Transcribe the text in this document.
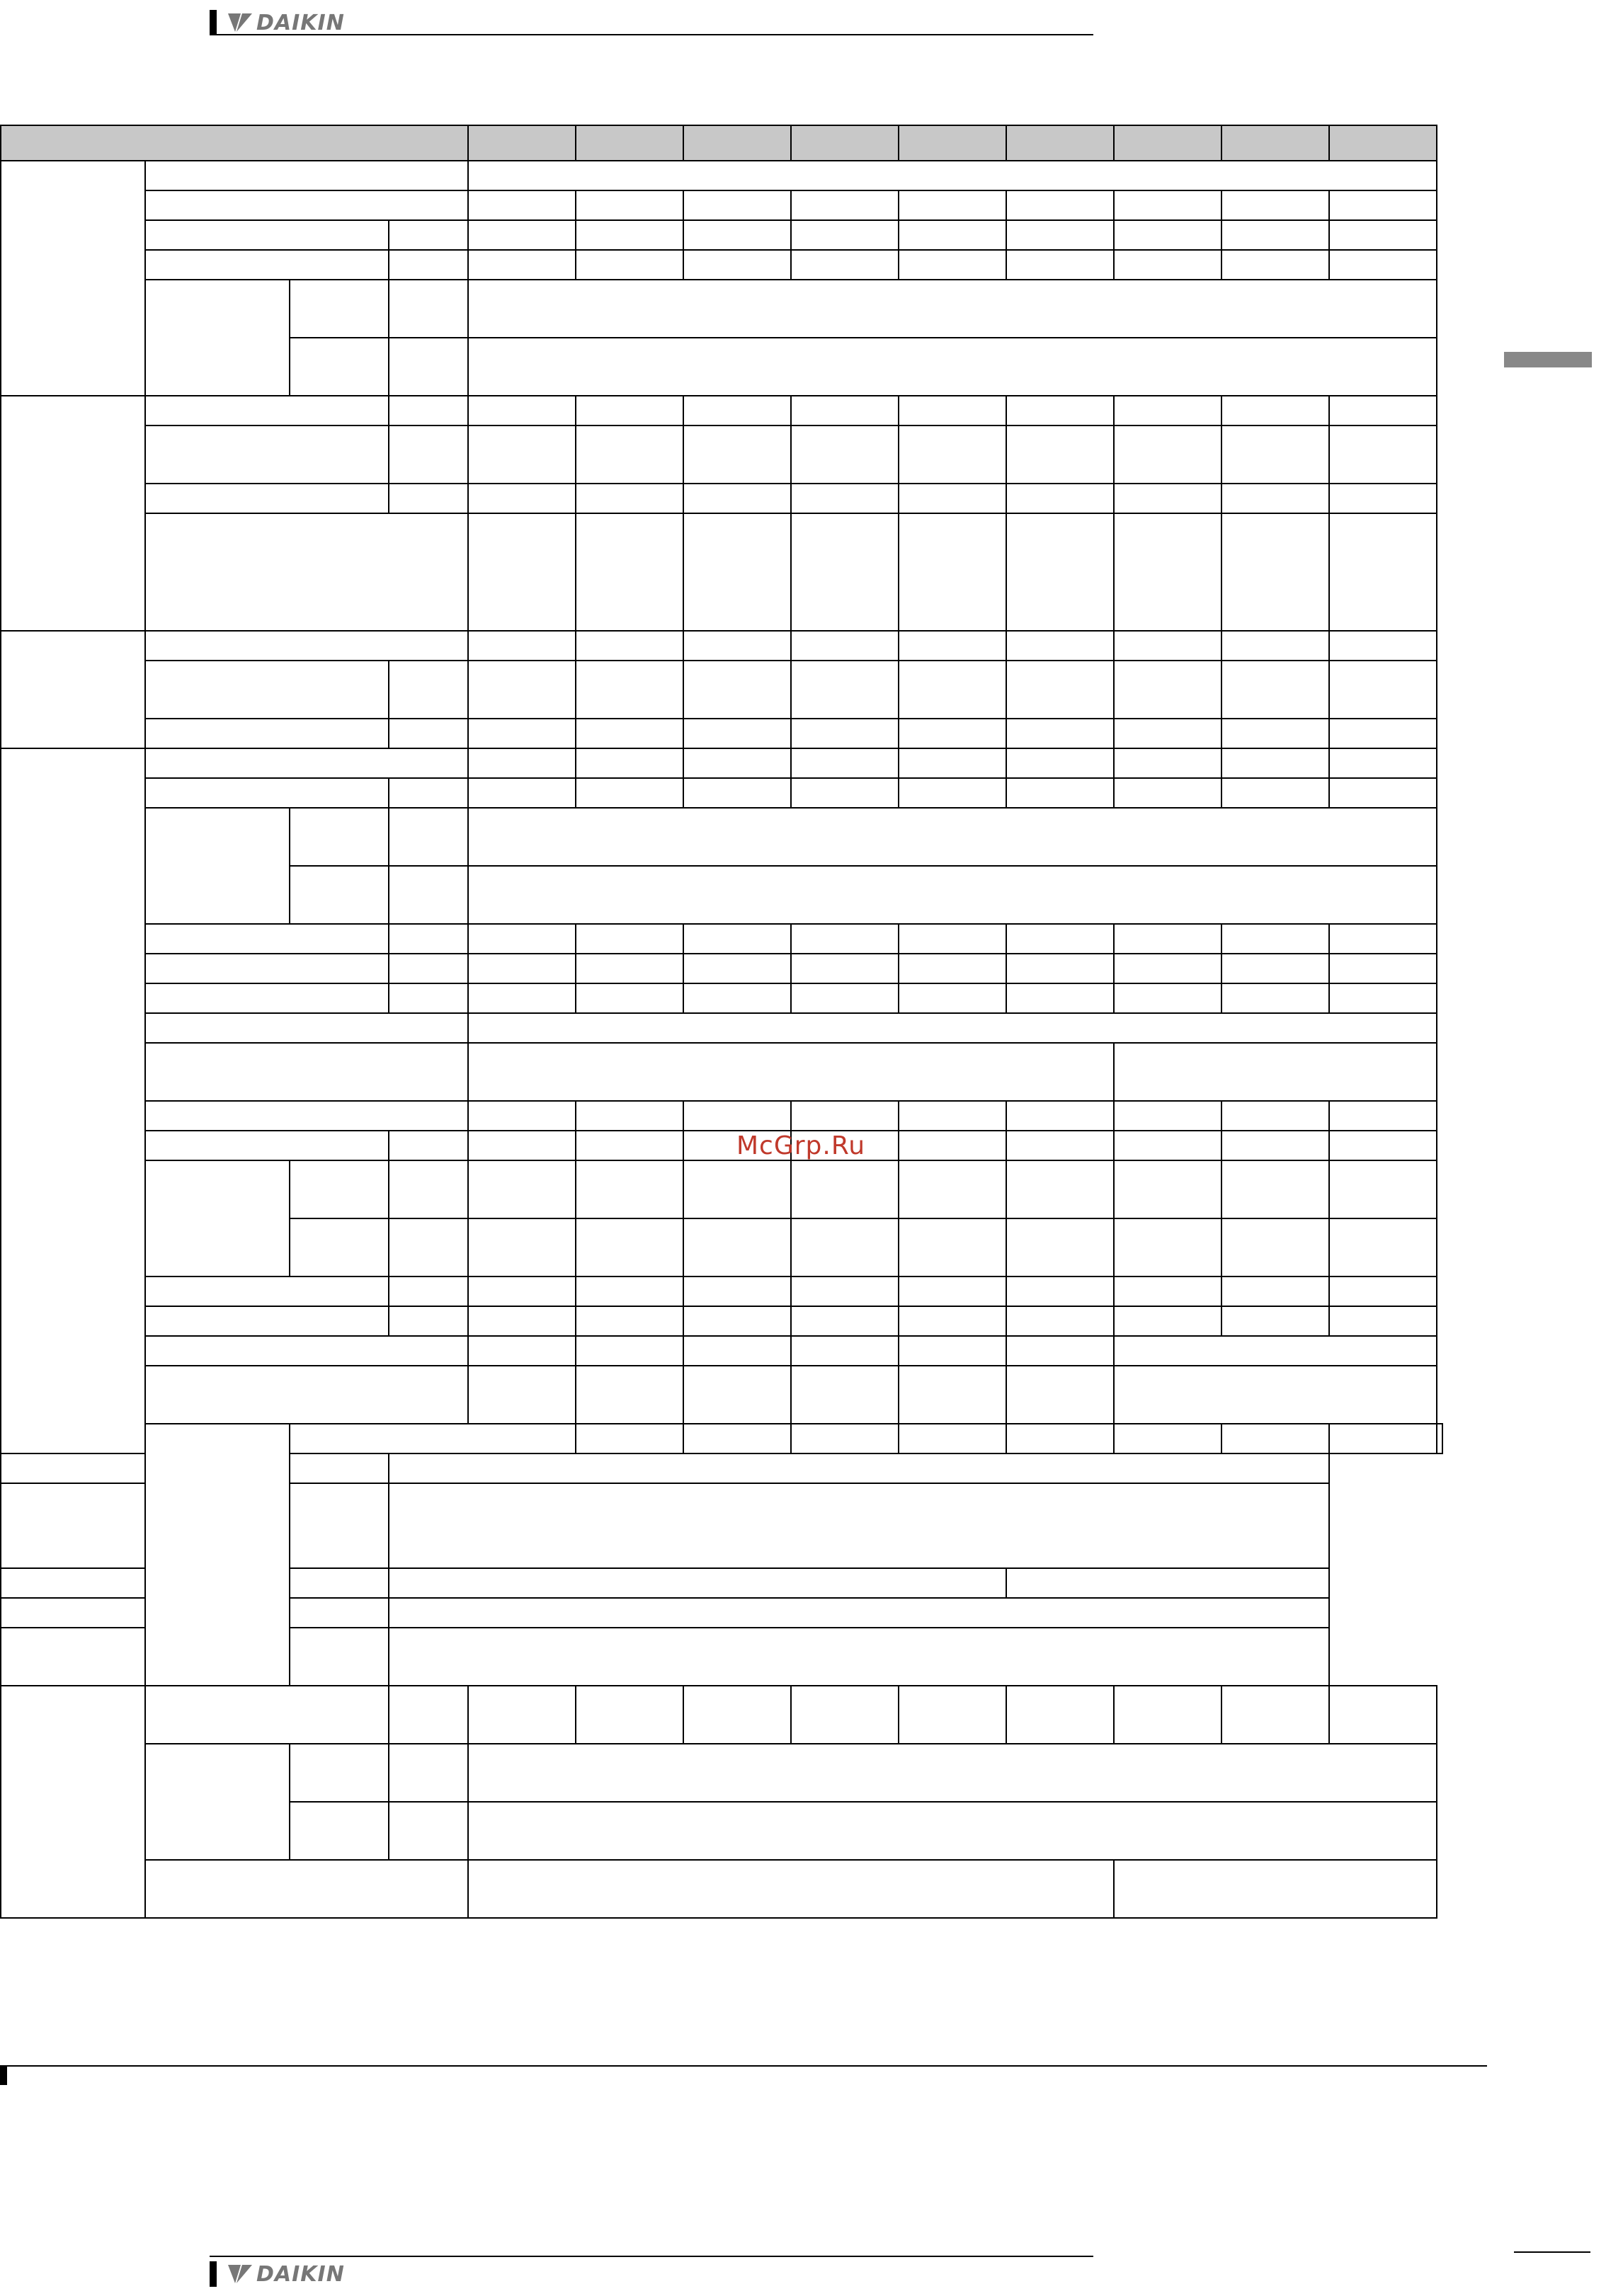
DAIKIN

McGrp.Ru
DAIKIN
